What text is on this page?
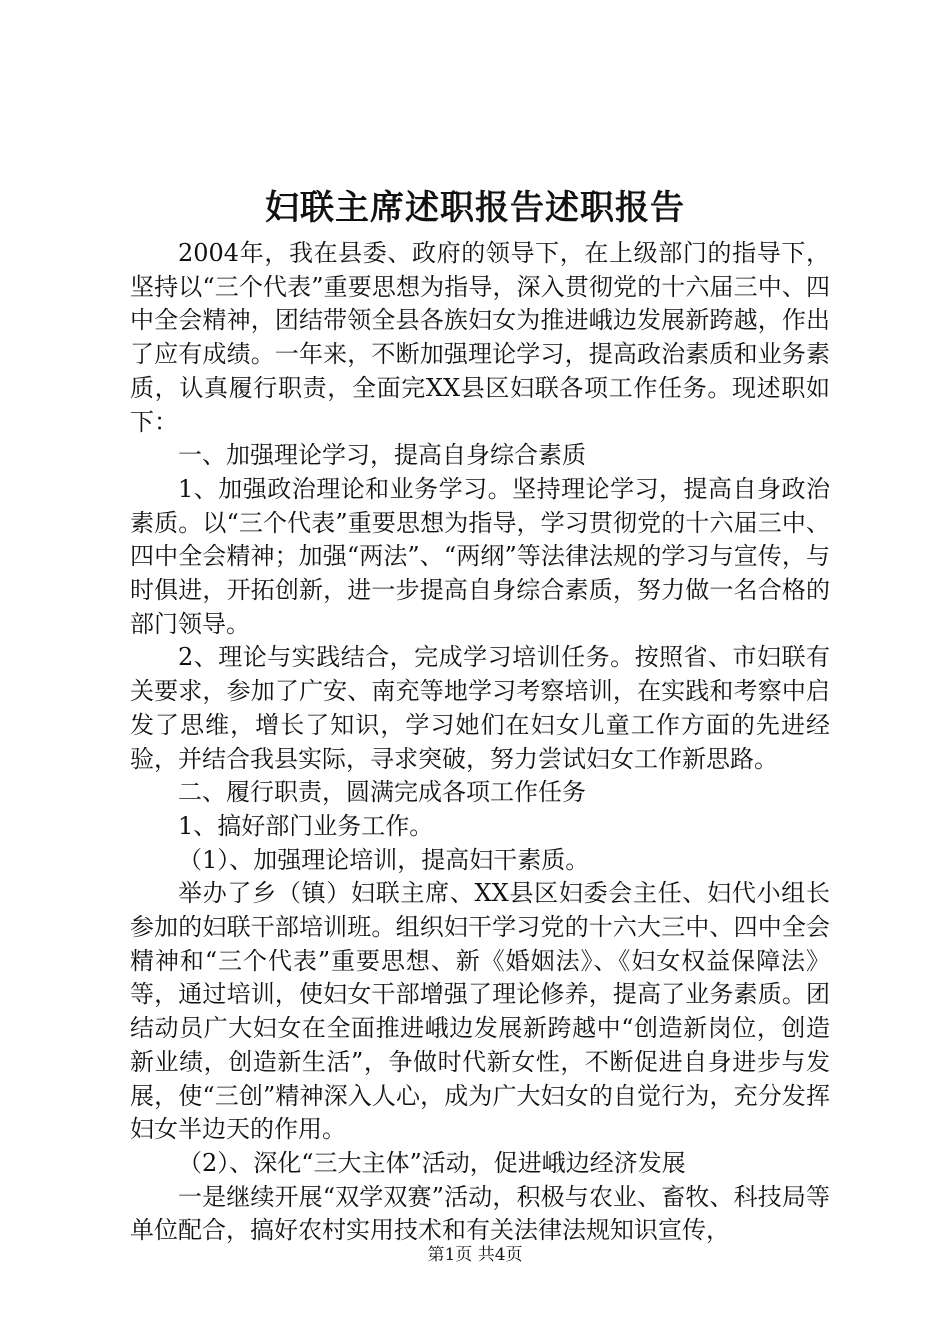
妇联主席述职报告述职报告

2004年，我在县委、政府的领导下，在上级部门的指导下，坚持以“三个代表”重要思想为指导，深入贯彻党的十六届三中、四中全会精神，团结带领全县各族妇女为推进峨边发展新跨越，作出了应有成绩。一年来，不断加强理论学习，提高政治素质和业务素质，认真履行职责，全面完XX县区妇联各项工作任务。现述职如下：

一、加强理论学习，提高自身综合素质

1、加强政治理论和业务学习。坚持理论学习，提高自身政治素质。以“三个代表”重要思想为指导，学习贯彻党的十六届三中、四中全会精神；加强“两法”、“两纲”等法律法规的学习与宣传，与时俱进，开拓创新，进一步提高自身综合素质，努力做一名合格的部门领导。

2、理论与实践结合，完成学习培训任务。按照省、市妇联有关要求，参加了广安、南充等地学习考察培训，在实践和考察中启发了思维，增长了知识，学习她们在妇女儿童工作方面的先进经验，并结合我县实际，寻求突破，努力尝试妇女工作新思路。

二、履行职责，圆满完成各项工作任务

1、搞好部门业务工作。

（1）、加强理论培训，提高妇干素质。

举办了乡（镇）妇联主席、XX县区妇委会主任、妇代小组长参加的妇联干部培训班。组织妇干学习党的十六大三中、四中全会精神和“三个代表”重要思想、新《婚姻法》、《妇女权益保障法》等，通过培训，使妇女干部增强了理论修养，提高了业务素质。团结动员广大妇女在全面推进峨边发展新跨越中“创造新岗位，创造新业绩，创造新生活”，争做时代新女性，不断促进自身进步与发展，使“三创”精神深入人心，成为广大妇女的自觉行为，充分发挥妇女半边天的作用。

（2）、深化“三大主体”活动，促进峨边经济发展

一是继续开展“双学双赛”活动，积极与农业、畜牧、科技局等单位配合，搞好农村实用技术和有关法律法规知识宣传，

第1页 共4页
